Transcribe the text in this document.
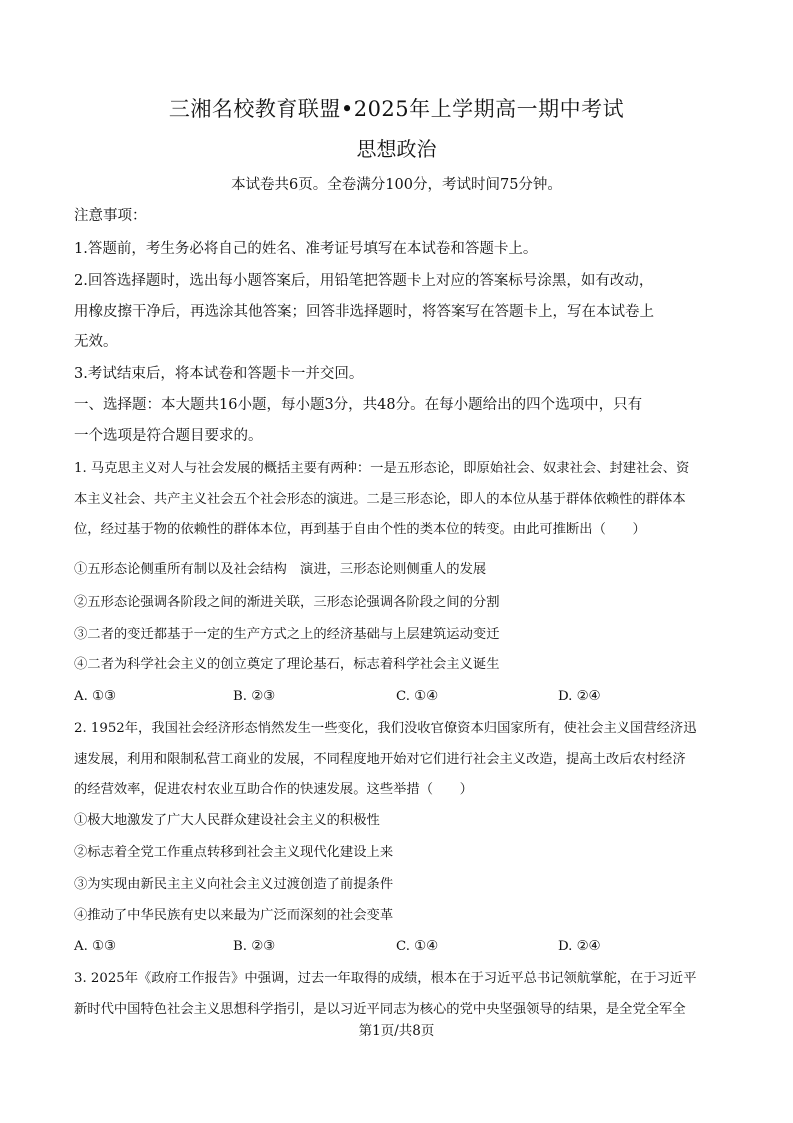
三湘名校教育联盟•2025年上学期高一期中考试
思想政治
本试卷共6页。全卷满分100分，考试时间75分钟。
注意事项：
1.答题前，考生务必将自己的姓名、准考证号填写在本试卷和答题卡上。
2.回答选择题时，选出每小题答案后，用铅笔把答题卡上对应的答案标号涂黑，如有改动，
用橡皮擦干净后，再选涂其他答案；回答非选择题时，将答案写在答题卡上，写在本试卷上
无效。
3.考试结束后，将本试卷和答题卡一并交回。
一、选择题：本大题共16小题，每小题3分，共48分。在每小题给出的四个选项中，只有
一个选项是符合题目要求的。
1. 马克思主义对人与社会发展的概括主要有两种：一是五形态论，即原始社会、奴隶社会、封建社会、资
本主义社会、共产主义社会五个社会形态的演进。二是三形态论，即人的本位从基于群体依赖性的群体本
位，经过基于物的依赖性的群体本位，再到基于自由个性的类本位的转变。由此可推断出（　　）
①五形态论侧重所有制以及社会结构　演进，三形态论则侧重人的发展
②五形态论强调各阶段之间的渐进关联，三形态论强调各阶段之间的分割
③二者的变迁都基于一定的生产方式之上的经济基础与上层建筑运动变迁
④二者为科学社会主义的创立奠定了理论基石，标志着科学社会主义诞生
A. ①③	B. ②③	C. ①④	D. ②④
2. 1952年，我国社会经济形态悄然发生一些变化，我们没收官僚资本归国家所有，使社会主义国营经济迅
速发展，利用和限制私营工商业的发展，不同程度地开始对它们进行社会主义改造，提高土改后农村经济
的经营效率，促进农村农业互助合作的快速发展。这些举措（　　）
①极大地激发了广大人民群众建设社会主义的积极性
②标志着全党工作重点转移到社会主义现代化建设上来
③为实现由新民主主义向社会主义过渡创造了前提条件
④推动了中华民族有史以来最为广泛而深刻的社会变革
A. ①③	B. ②③	C. ①④	D. ②④
3. 2025年《政府工作报告》中强调，过去一年取得的成绩，根本在于习近平总书记领航掌舵，在于习近平
新时代中国特色社会主义思想科学指引，是以习近平同志为核心的党中央坚强领导的结果，是全党全军全
第1页/共8页
